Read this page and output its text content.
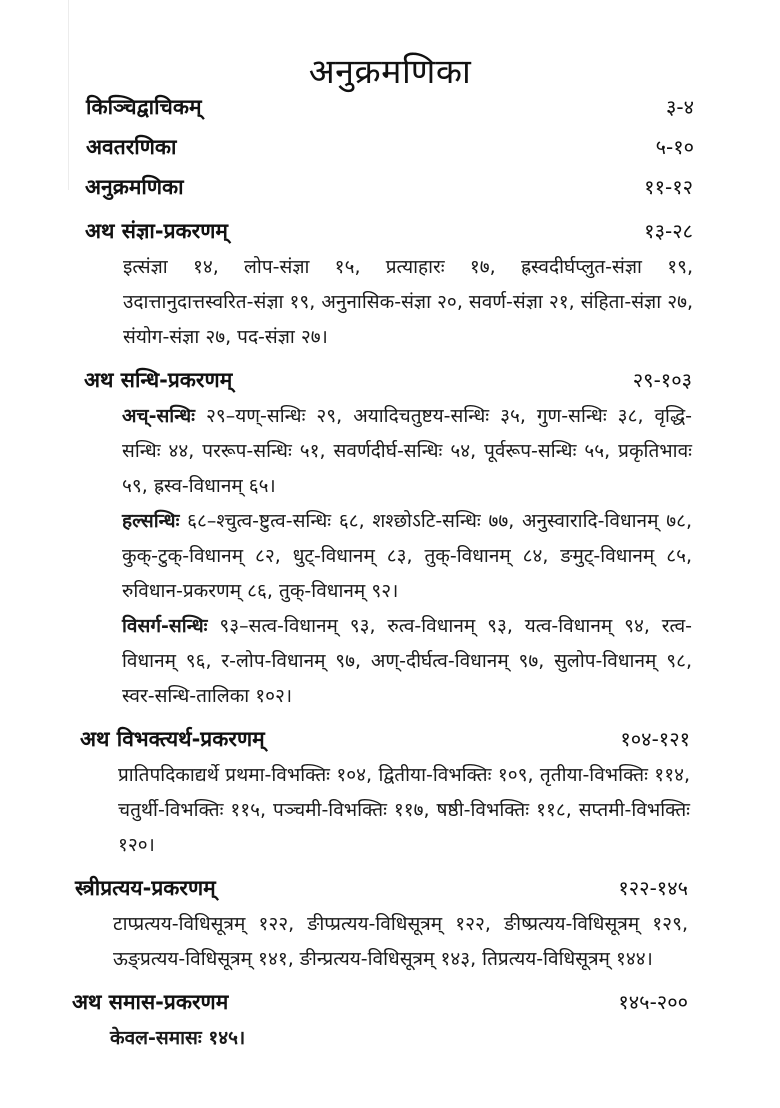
अनुक्रमणिका
किञ्चिद्वाचिकम्	३-४
अवतरणिका	५-१०
अनुक्रमणिका	११-१२
अथ संज्ञा-प्रकरणम्	१३-२८

इत्संज्ञा १४, लोप-संज्ञा १५, प्रत्याहारः १७, ह्रस्वदीर्घप्लुत-संज्ञा १९, उदात्तानुदात्तस्वरित-संज्ञा १९, अनुनासिक-संज्ञा २०, सवर्ण-संज्ञा २१, संहिता-संज्ञा २७, संयोग-संज्ञा २७, पद-संज्ञा २७।

अथ सन्धि-प्रकरणम्	२९-१०३

अच्-सन्धिः २९–यण्-सन्धिः २९, अयादिचतुष्टय-सन्धिः ३५, गुण-सन्धिः ३८, वृद्धि-सन्धिः ४४, पररूप-सन्धिः ५१, सवर्णदीर्घ-सन्धिः ५४, पूर्वरूप-सन्धिः ५५, प्रकृतिभावः ५९, ह्रस्व-विधानम् ६५।

हल्सन्धिः ६८–श्चुत्व-ष्टुत्व-सन्धिः ६८, शश्छोऽटि-सन्धिः ७७, अनुस्वारादि-विधानम् ७८, कुक्-टुक्-विधानम् ८२, धुट्-विधानम् ८३, तुक्-विधानम् ८४, ङमुट्-विधानम् ८५, रुविधान-प्रकरणम् ८६, तुक्-विधानम् ९२।

विसर्ग-सन्धिः ९३–सत्व-विधानम् ९३, रुत्व-विधानम् ९३, यत्व-विधानम् ९४, रत्व-विधानम् ९६, र-लोप-विधानम् ९७, अण्-दीर्घत्व-विधानम् ९७, सुलोप-विधानम् ९८, स्वर-सन्धि-तालिका १०२।

अथ विभक्त्यर्थ-प्रकरणम्	१०४-१२१

प्रातिपदिकाद्यर्थे प्रथमा-विभक्तिः १०४, द्वितीया-विभक्तिः १०९, तृतीया-विभक्तिः ११४, चतुर्थी-विभक्तिः ११५, पञ्चमी-विभक्तिः ११७, षष्ठी-विभक्तिः ११८, सप्तमी-विभक्तिः १२०।

स्त्रीप्रत्यय-प्रकरणम्	१२२-१४५

टाप्प्रत्यय-विधिसूत्रम् १२२, ङीप्प्रत्यय-विधिसूत्रम् १२२, ङीष्प्रत्यय-विधिसूत्रम् १२९, ऊङ्प्रत्यय-विधिसूत्रम् १४१, ङीन्प्रत्यय-विधिसूत्रम् १४३, तिप्रत्यय-विधिसूत्रम् १४४।

अथ समास-प्रकरणम	१४५-२००

केवल-समासः १४५।
